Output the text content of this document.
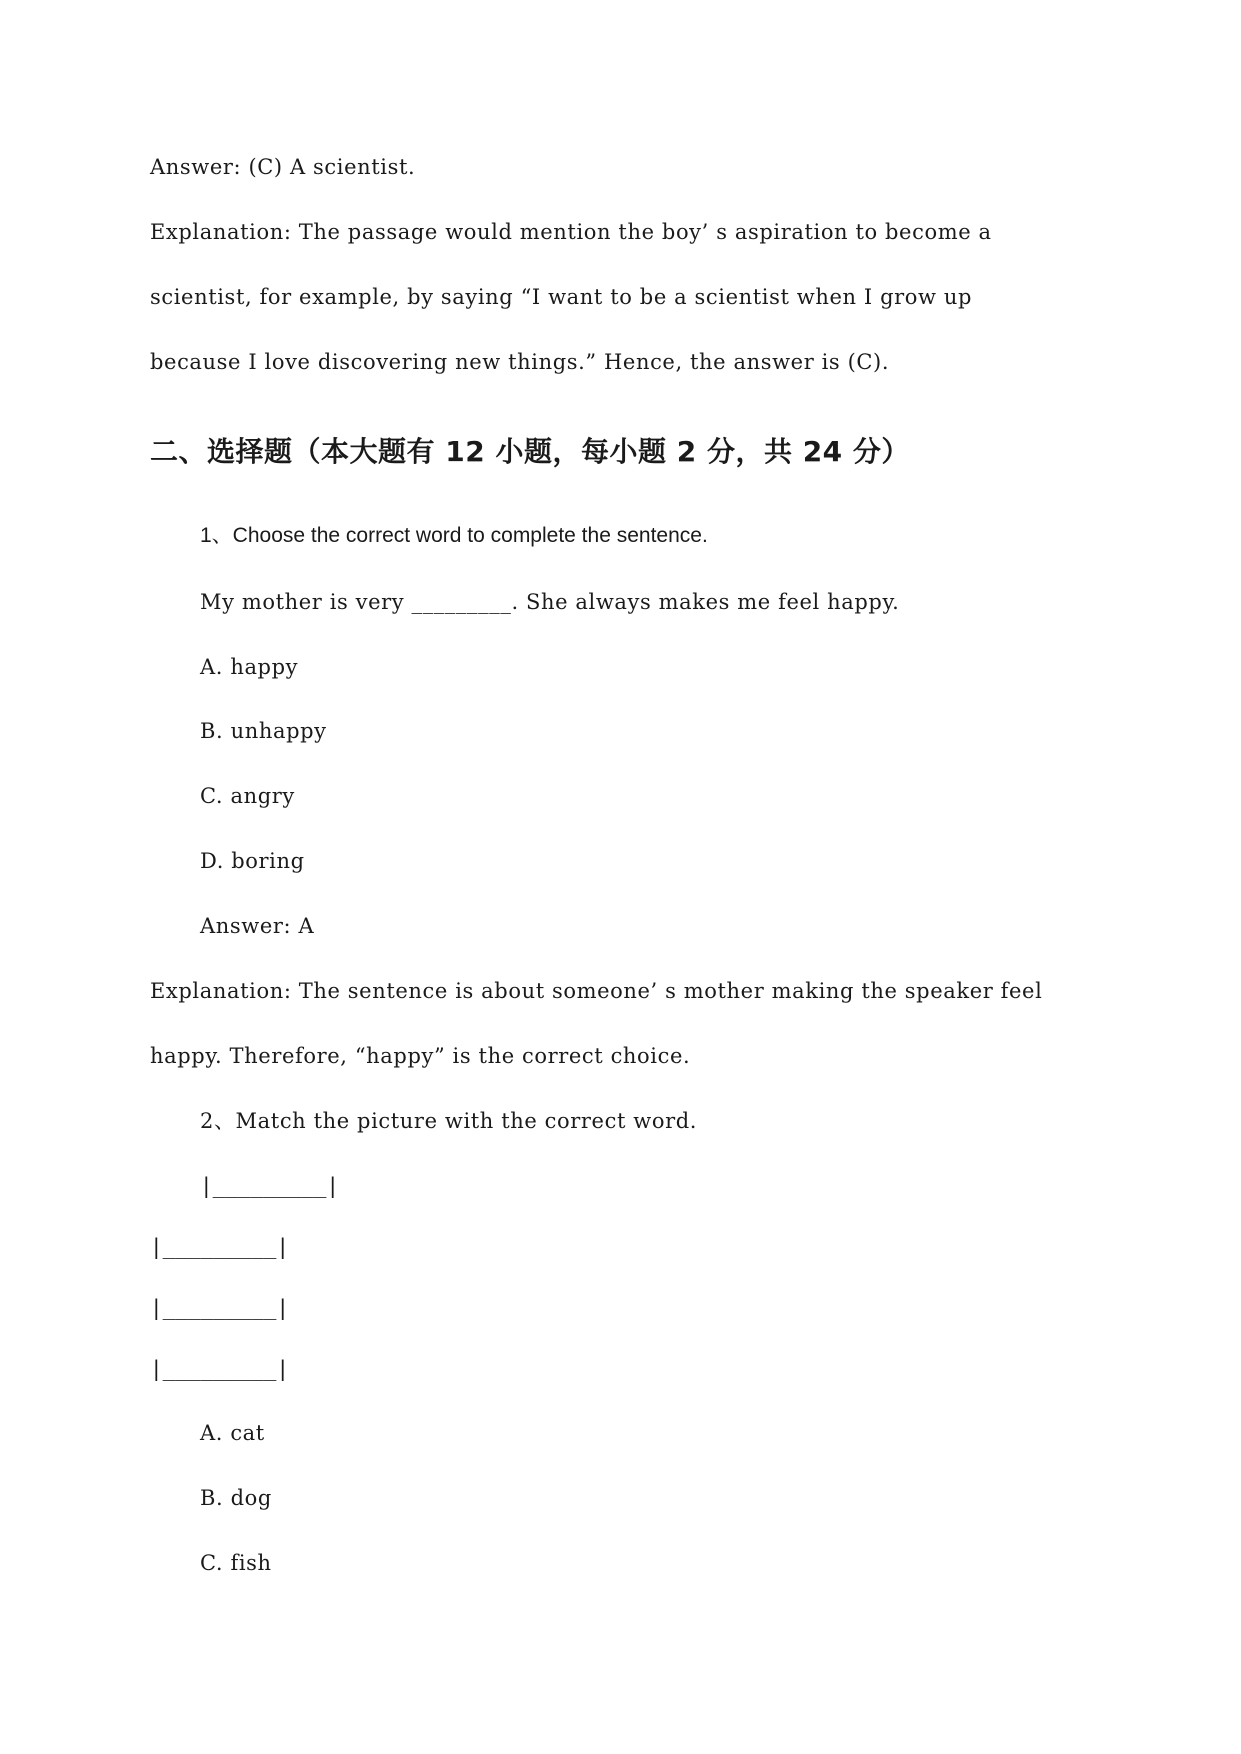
Answer: (C) A scientist.
Explanation: The passage would mention the boy’ s aspiration to become a
scientist, for example, by saying “I want to be a scientist when I grow up
because I love discovering new things.” Hence, the answer is (C).
二、选择题（本大题有 12 小题，每小题 2 分，共 24 分）
1、Choose the correct word to complete the sentence.
My mother is very _________. She always makes me feel happy.
A. happy
B. unhappy
C. angry
D. boring
Answer: A
Explanation: The sentence is about someone’ s mother making the speaker feel
happy. Therefore, “happy” is the correct choice.
2、Match the picture with the correct word.
|_________|
|_________|
|_________|
|_________|
A. cat
B. dog
C. fish
